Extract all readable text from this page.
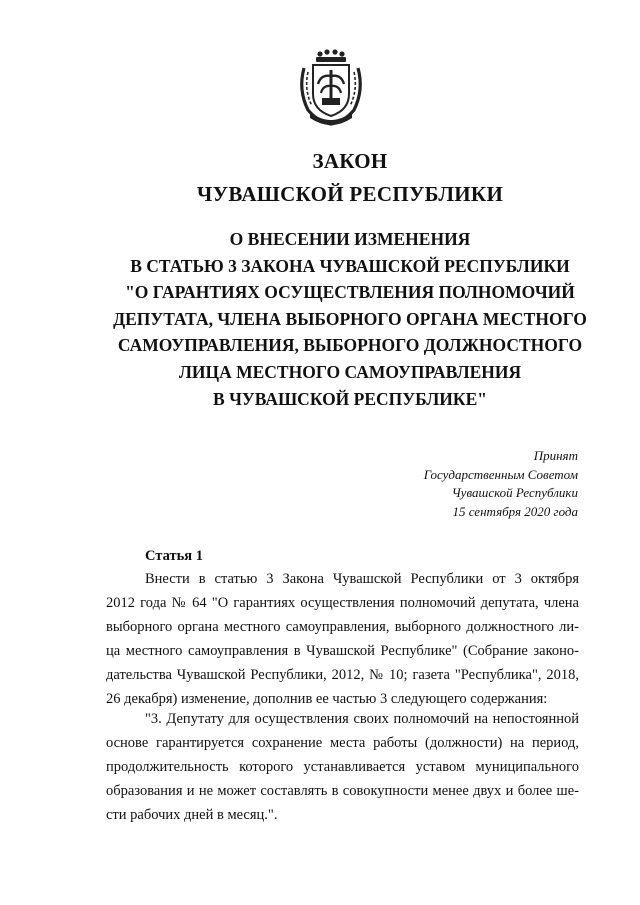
ЗАКОН
ЧУВАШСКОЙ РЕСПУБЛИКИ
О ВНЕСЕНИИ ИЗМЕНЕНИЯ
В СТАТЬЮ 3 ЗАКОНА ЧУВАШСКОЙ РЕСПУБЛИКИ
"О ГАРАНТИЯХ ОСУЩЕСТВЛЕНИЯ ПОЛНОМОЧИЙ
ДЕПУТАТА, ЧЛЕНА ВЫБОРНОГО ОРГАНА МЕСТНОГО
САМОУПРАВЛЕНИЯ, ВЫБОРНОГО ДОЛЖНОСТНОГО
ЛИЦА МЕСТНОГО САМОУПРАВЛЕНИЯ
В ЧУВАШСКОЙ РЕСПУБЛИКЕ"
Принят
Государственным Советом
Чувашской Республики
15 сентября 2020 года
Статья 1
Внести в статью 3 Закона Чувашской Республики от 3 октября
2012 года № 64 "О гарантиях осуществления полномочий депутата, члена
выборного органа местного самоуправления, выборного должностного ли-
ца местного самоуправления в Чувашской Республике" (Собрание законо-
дательства Чувашской Республики, 2012, № 10; газета "Республика", 2018,
26 декабря) изменение, дополнив ее частью 3 следующего содержания:
"3. Депутату для осуществления своих полномочий на непостоянной
основе гарантируется сохранение места работы (должности) на период,
продолжительность которого устанавливается уставом муниципального
образования и не может составлять в совокупности менее двух и более ше-
сти рабочих дней в месяц.".
